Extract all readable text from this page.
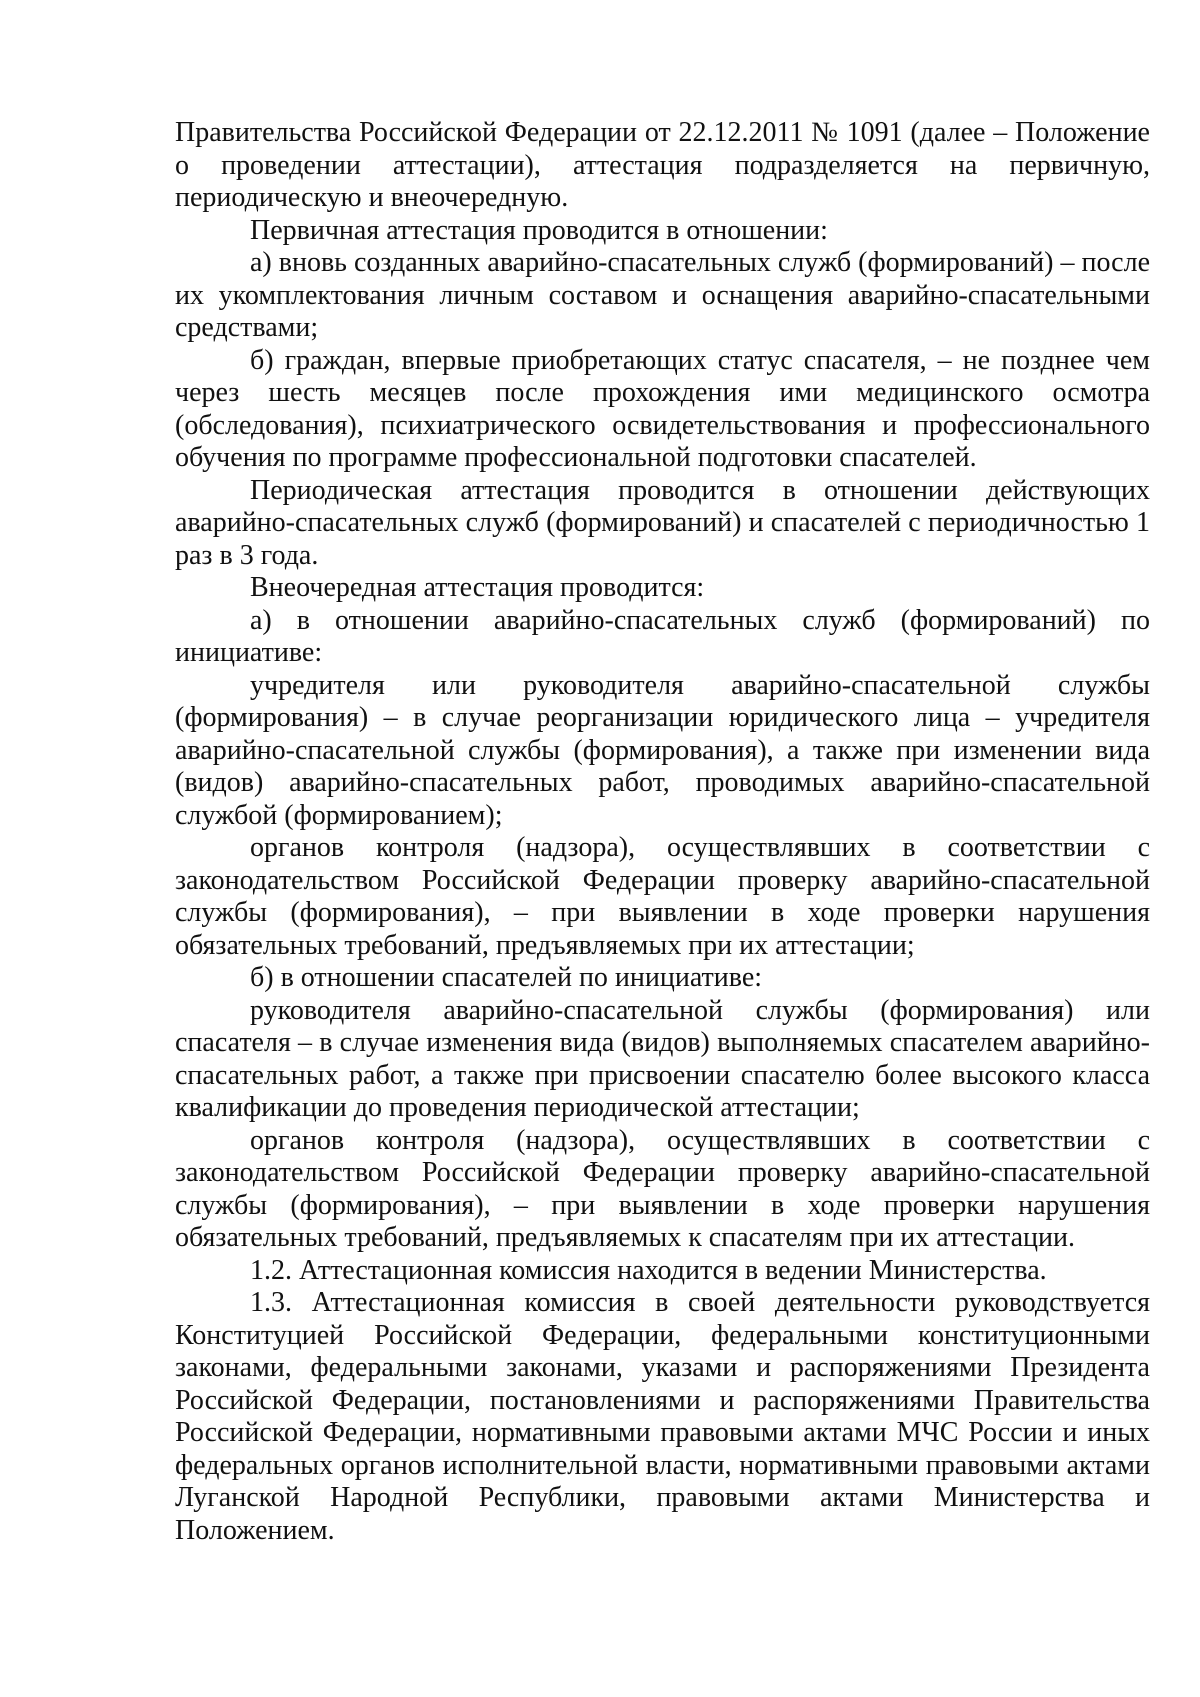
Правительства Российской Федерации от 22.12.2011 № 1091 (далее – Положение о проведении аттестации), аттестация подразделяется на первичную, периодическую и внеочередную.

Первичная аттестация проводится в отношении:

а) вновь созданных аварийно-спасательных служб (формирований) – после их укомплектования личным составом и оснащения аварийно-спасательными средствами;

б) граждан, впервые приобретающих статус спасателя, – не позднее чем через шесть месяцев после прохождения ими медицинского осмотра (обследования), психиатрического освидетельствования и профессионального обучения по программе профессиональной подготовки спасателей.

Периодическая аттестация проводится в отношении действующих аварийно-спасательных служб (формирований) и спасателей с периодичностью 1 раз в 3 года.

Внеочередная аттестация проводится:

а) в отношении аварийно-спасательных служб (формирований) по инициативе:

учредителя или руководителя аварийно-спасательной службы (формирования) – в случае реорганизации юридического лица – учредителя аварийно-спасательной службы (формирования), а также при изменении вида (видов) аварийно-спасательных работ, проводимых аварийно-спасательной службой (формированием);

органов контроля (надзора), осуществлявших в соответствии с законодательством Российской Федерации проверку аварийно-спасательной службы (формирования), – при выявлении в ходе проверки нарушения обязательных требований, предъявляемых при их аттестации;

б) в отношении спасателей по инициативе:

руководителя аварийно-спасательной службы (формирования) или спасателя – в случае изменения вида (видов) выполняемых спасателем аварийно-спасательных работ, а также при присвоении спасателю более высокого класса квалификации до проведения периодической аттестации;

органов контроля (надзора), осуществлявших в соответствии с законодательством Российской Федерации проверку аварийно-спасательной службы (формирования), – при выявлении в ходе проверки нарушения обязательных требований, предъявляемых к спасателям при их аттестации.

1.2. Аттестационная комиссия находится в ведении Министерства.

1.3. Аттестационная комиссия в своей деятельности руководствуется Конституцией Российской Федерации, федеральными конституционными законами, федеральными законами, указами и распоряжениями Президента Российской Федерации, постановлениями и распоряжениями Правительства Российской Федерации, нормативными правовыми актами МЧС России и иных федеральных органов исполнительной власти, нормативными правовыми актами Луганской Народной Республики, правовыми актами Министерства и Положением.
